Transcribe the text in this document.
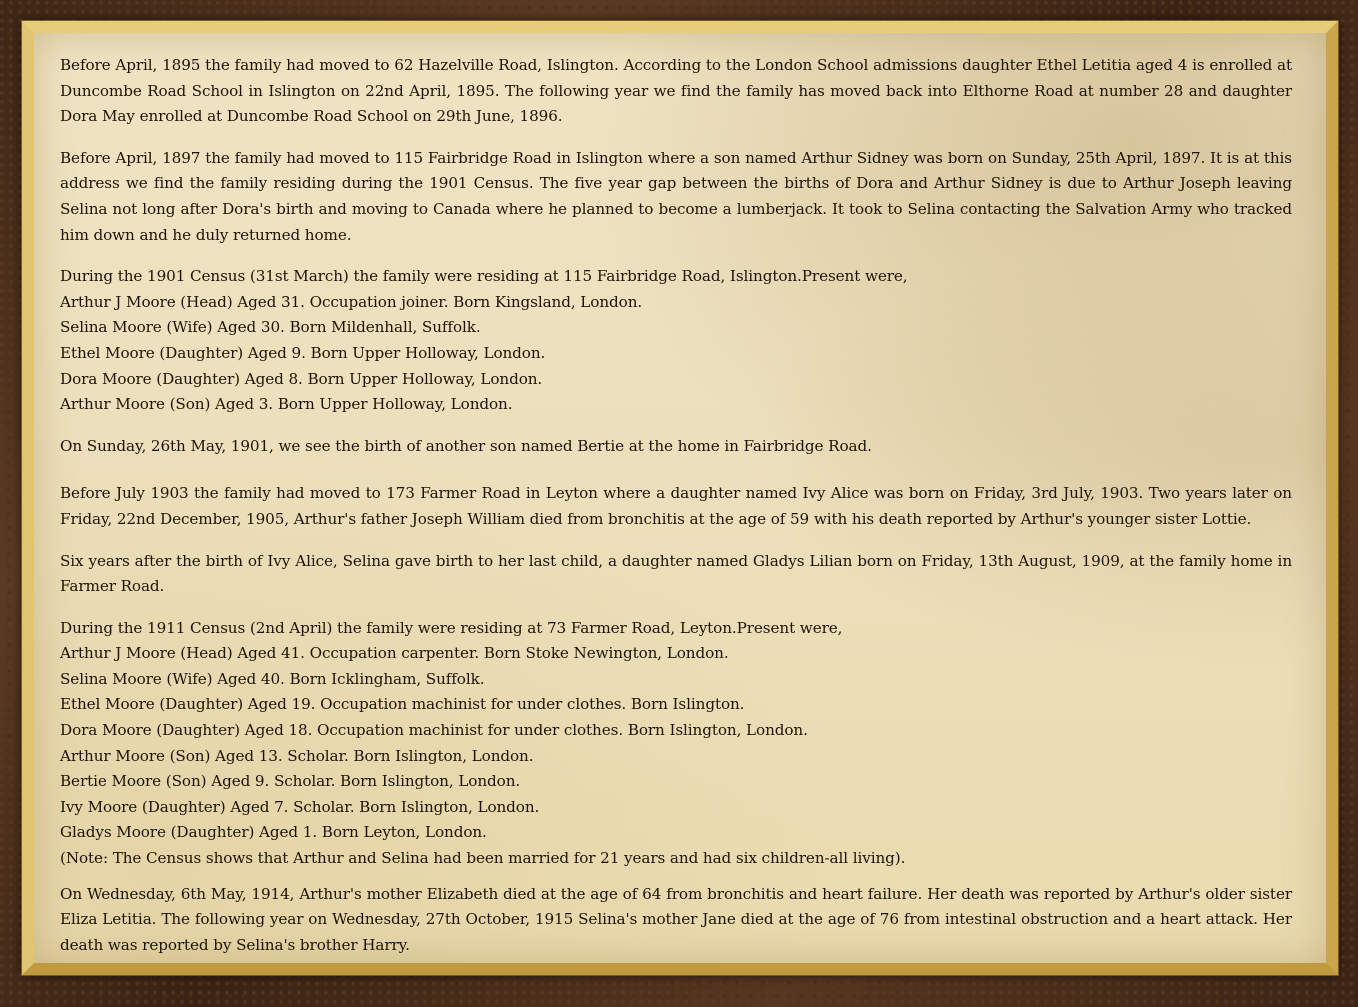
Before April, 1895 the family had moved to 62 Hazelville Road, Islington. According to the London School admissions daughter Ethel Letitia aged 4 is enrolled at Duncombe Road School in Islington on 22nd April, 1895. The following year we find the family has moved back into Elthorne Road at number 28 and daughter Dora May enrolled at Duncombe Road School on 29th June, 1896.

Before April, 1897 the family had moved to 115 Fairbridge Road in Islington where a son named Arthur Sidney was born on Sunday, 25th April, 1897. It is at this address we find the family residing during the 1901 Census. The five year gap between the births of Dora and Arthur Sidney is due to Arthur Joseph leaving Selina not long after Dora's birth and moving to Canada where he planned to become a lumberjack. It took to Selina contacting the Salvation Army who tracked him down and he duly returned home.

During the 1901 Census (31st March) the family were residing at 115 Fairbridge Road, Islington.Present were,
Arthur J Moore (Head) Aged 31. Occupation joiner. Born Kingsland, London.
Selina Moore (Wife) Aged 30. Born Mildenhall, Suffolk.
Ethel Moore (Daughter) Aged 9. Born Upper Holloway, London.
Dora Moore (Daughter) Aged 8. Born Upper Holloway, London.
Arthur Moore (Son) Aged 3. Born Upper Holloway, London.

On Sunday, 26th May, 1901, we see the birth of another son named Bertie at the home in Fairbridge Road.

Before July 1903 the family had moved to 173 Farmer Road in Leyton where a daughter named Ivy Alice was born on Friday, 3rd July, 1903. Two years later on Friday, 22nd December, 1905, Arthur's father Joseph William died from bronchitis at the age of 59 with his death reported by Arthur's younger sister Lottie.

Six years after the birth of Ivy Alice, Selina gave birth to her last child, a daughter named Gladys Lilian born on Friday, 13th August, 1909, at the family home in Farmer Road.

During the 1911 Census (2nd April) the family were residing at 73 Farmer Road, Leyton.Present were,
Arthur J Moore (Head) Aged 41. Occupation carpenter. Born Stoke Newington, London.
Selina Moore (Wife) Aged 40. Born Icklingham, Suffolk.
Ethel Moore (Daughter) Aged 19. Occupation machinist for under clothes. Born Islington.
Dora Moore (Daughter) Aged 18. Occupation machinist for under clothes. Born Islington, London.
Arthur Moore (Son) Aged 13. Scholar. Born Islington, London.
Bertie Moore (Son) Aged 9. Scholar. Born Islington, London.
Ivy Moore (Daughter) Aged 7. Scholar. Born Islington, London.
Gladys Moore (Daughter) Aged 1. Born Leyton, London.
(Note: The Census shows that Arthur and Selina had been married for 21 years and had six children-all living).

On Wednesday, 6th May, 1914, Arthur's mother Elizabeth died at the age of 64 from bronchitis and heart failure. Her death was reported by Arthur's older sister Eliza Letitia. The following year on Wednesday, 27th October, 1915 Selina's mother Jane died at the age of 76 from intestinal obstruction and a heart attack. Her death was reported by Selina's brother Harry.
